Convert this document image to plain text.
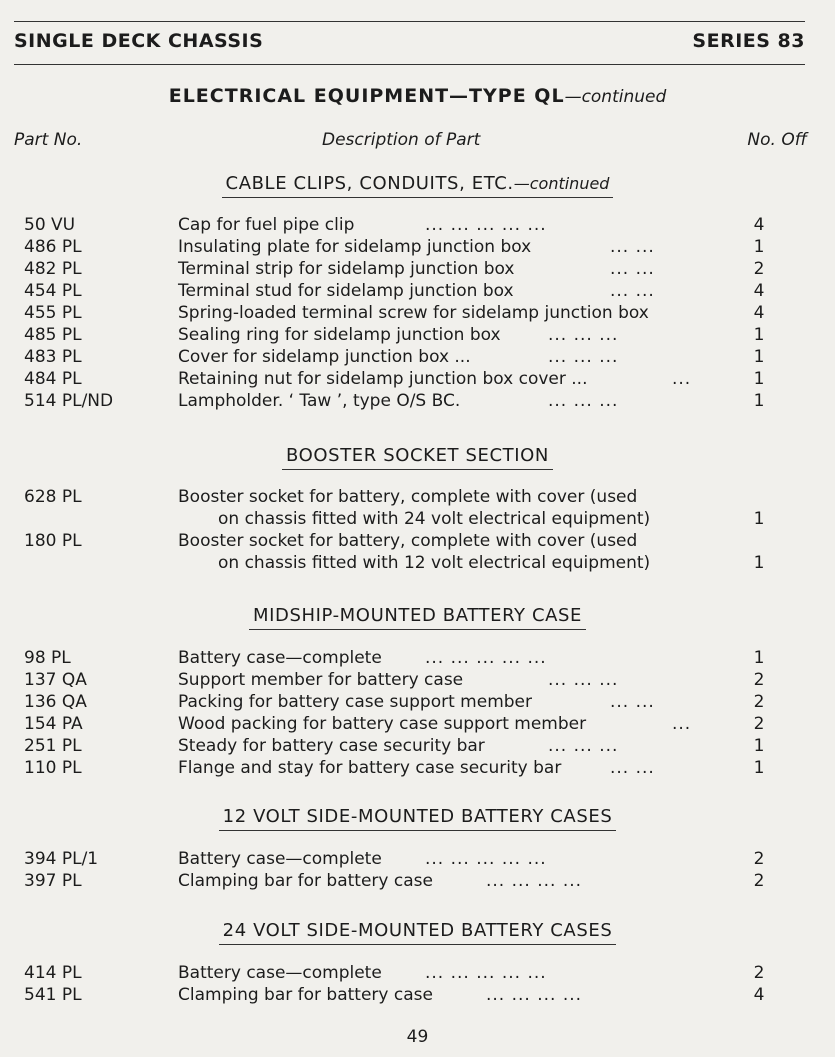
SINGLE DECK CHASSIS	SERIES 83
ELECTRICAL EQUIPMENT—TYPE QL—continued
Part No.	Description of Part	No. Off
CABLE CLIPS, CONDUITS, ETC.—continued
50 VU	Cap for fuel pipe clip	... ... ... ... ...	4
486 PL	Insulating plate for sidelamp junction box	... ...	1
482 PL	Terminal strip for sidelamp junction box	... ...	2
454 PL	Terminal stud for sidelamp junction box	... ...	4
455 PL	Spring-loaded terminal screw for sidelamp junction box	4
485 PL	Sealing ring for sidelamp junction box	... ... ...	1
483 PL	Cover for sidelamp junction box ...	... ... ...	1
484 PL	Retaining nut for sidelamp junction box cover ...	...	1
514 PL/ND	Lampholder. ‘ Taw ’, type O/S BC.	... ... ...	1
BOOSTER SOCKET SECTION
628 PL	Booster socket for battery, complete with cover (used
on chassis fitted with 24 volt electrical equipment)	1
180 PL	Booster socket for battery, complete with cover (used
on chassis fitted with 12 volt electrical equipment)	1
MIDSHIP-MOUNTED BATTERY CASE
98 PL	Battery case—complete	... ... ... ... ...	1
137 QA	Support member for battery case	... ... ...	2
136 QA	Packing for battery case support member	... ...	2
154 PA	Wood packing for battery case support member	...	2
251 PL	Steady for battery case security bar	... ... ...	1
110 PL	Flange and stay for battery case security bar	... ...	1
12 VOLT SIDE-MOUNTED BATTERY CASES
394 PL/1	Battery case—complete	... ... ... ... ...	2
397 PL	Clamping bar for battery case	... ... ... ...	2
24 VOLT SIDE-MOUNTED BATTERY CASES
414 PL	Battery case—complete	... ... ... ... ...	2
541 PL	Clamping bar for battery case	... ... ... ...	4
49
